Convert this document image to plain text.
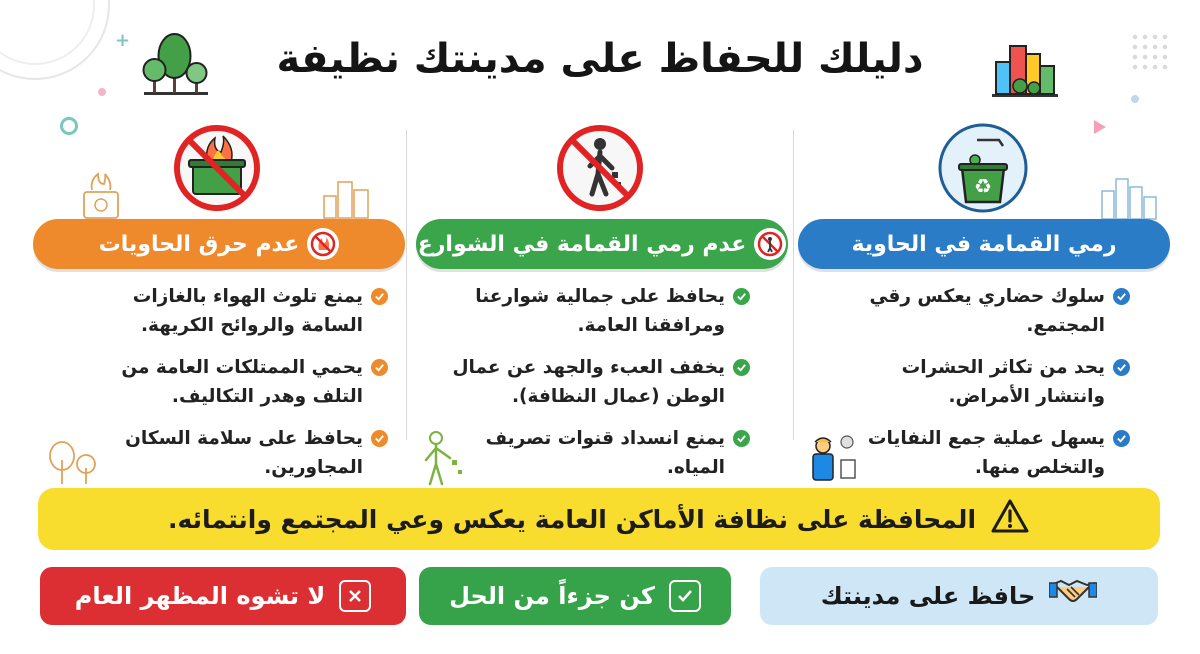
+	دليلك للحفاظ على مدينتك نظيفة
♻
رمي القمامة في الحاوية
سلوك حضاري يعكس رقي المجتمع.
يحد من تكاثر الحشرات وانتشار الأمراض.
يسهل عملية جمع النفايات والتخلص منها.
عدم رمي القمامة في الشوارع
يحافظ على جمالية شوارعنا ومرافقنا العامة.
يخفف العبء والجهد عن عمال الوطن (عمال النظافة).
يمنع انسداد قنوات تصريف المياه.
عدم حرق الحاويات
يمنع تلوث الهواء بالغازات السامة والروائح الكريهة.
يحمي الممتلكات العامة من التلف وهدر التكاليف.
يحافظ على سلامة السكان المجاورين.
المحافظة على نظافة الأماكن العامة يعكس وعي المجتمع وانتمائه.
حافظ على مدينتك
كن جزءاً من الحل
لا تشوه المظهر العام
